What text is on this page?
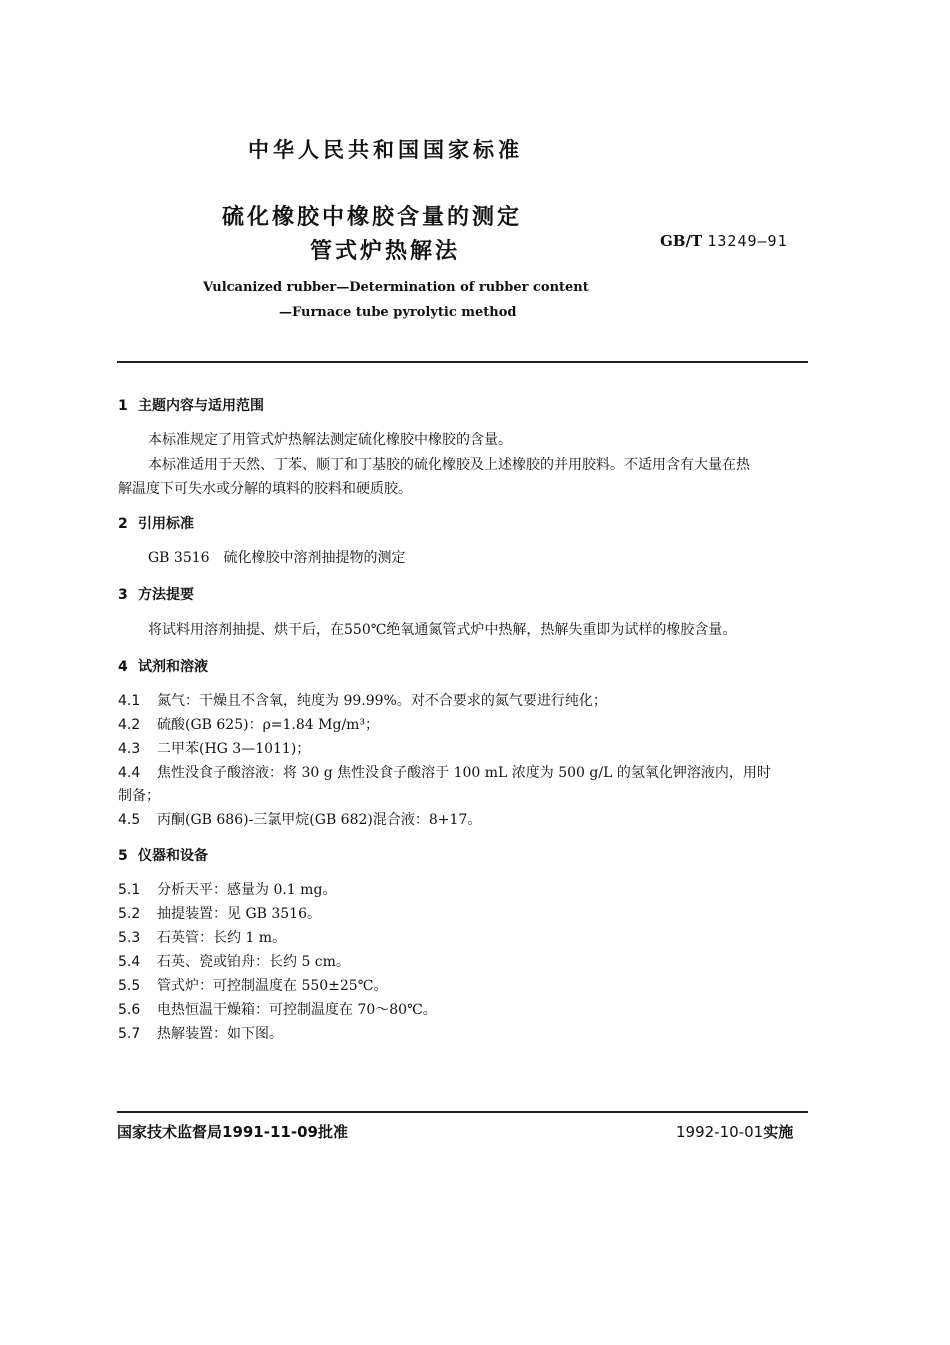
中华人民共和国国家标准
硫化橡胶中橡胶含量的测定
管式炉热解法	GB/T 13249—91
Vulcanized rubber—Determination of rubber content
—Furnace tube pyrolytic method
1 主题内容与适用范围
本标准规定了用管式炉热解法测定硫化橡胶中橡胶的含量。
本标准适用于天然、丁苯、顺丁和丁基胶的硫化橡胶及上述橡胶的并用胶料。不适用含有大量在热
解温度下可失水或分解的填料的胶料和硬质胶。
2 引用标准
GB 3516　硫化橡胶中溶剂抽提物的测定
3 方法提要
将试料用溶剂抽提、烘干后，在550℃绝氧通氮管式炉中热解，热解失重即为试样的橡胶含量。
4 试剂和溶液
4.1 氮气：干燥且不含氧，纯度为 99.99%。对不合要求的氮气要进行纯化；
4.2 硫酸(GB 625)：ρ=1.84 Mg/m³；
4.3 二甲苯(HG 3—1011)；
4.4 焦性没食子酸溶液：将 30 g 焦性没食子酸溶于 100 mL 浓度为 500 g/L 的氢氧化钾溶液内，用时
制备；
4.5 丙酮(GB 686)-三氯甲烷(GB 682)混合液：8+17。
5 仪器和设备
5.1 分析天平：感量为 0.1 mg。
5.2 抽提装置：见 GB 3516。
5.3 石英管：长约 1 m。
5.4 石英、瓷或铂舟：长约 5 cm。
5.5 管式炉：可控制温度在 550±25℃。
5.6 电热恒温干燥箱：可控制温度在 70～80℃。
5.7 热解装置：如下图。
国家技术监督局1991-11-09批准	1992-10-01实施
